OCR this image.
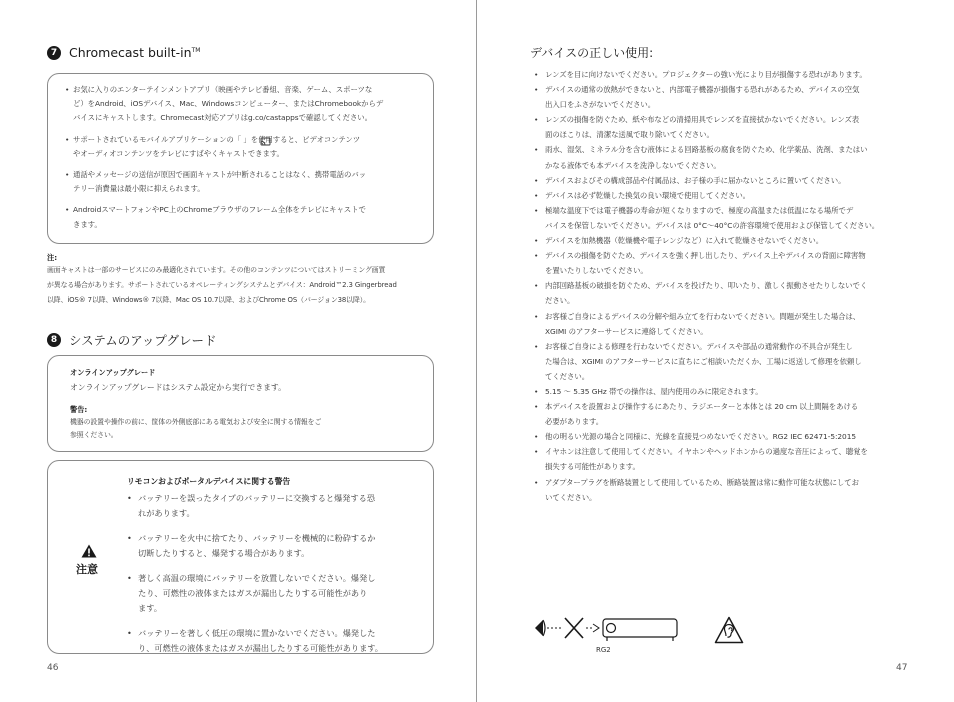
7 Chromecast built-in™
• お気に入りのエンターテインメントアプリ（映画やテレビ番組、音楽、ゲーム、スポーツな
ど）をAndroid、iOSデバイス、Mac、Windowsコンピューター、またはChromebookからデ
バイスにキャストします。Chromecast対応アプリはg.co/castappsで確認してください。
• サポートされているモバイルアプリケーションの「 」を使用すると、ビデオコンテンツ
やオーディオコンテンツをテレビにすばやくキャストできます。
• 通話やメッセージの送信が原因で画面キャストが中断されることはなく、携帯電話のバッ
テリー消費量は最小限に抑えられます。
• AndroidスマートフォンやPC上のChromeブラウザのフレーム全体をテレビにキャストで
きます。
注:
画面キャストは一部のサービスにのみ最適化されています。その他のコンテンツについてはストリーミング画質
が異なる場合があります。サポートされているオペレーティングシステムとデバイス：Android™2.3 Gingerbread
以降、iOS® 7以降、Windows® 7以降、Mac OS 10.7以降、およびChrome OS（バージョン38以降）。
8 システムのアップグレード
オンラインアップグレード
オンラインアップグレードはシステム設定から実行できます。
警告:
機器の設置や操作の前に、筐体の外側底部にある電気および安全に関する情報をご
参照ください。
注意
リモコンおよびポータルデバイスに関する警告
• バッテリーを誤ったタイプのバッテリーに交換すると爆発する恐
れがあります。
• バッテリーを火中に捨てたり、バッテリーを機械的に粉砕するか
切断したりすると、爆発する場合があります。
• 著しく高温の環境にバッテリーを放置しないでください。爆発し
たり、可燃性の液体またはガスが漏出したりする可能性があり
ます。
• バッテリーを著しく低圧の環境に置かないでください。爆発した
り、可燃性の液体またはガスが漏出したりする可能性があります。
46
デバイスの正しい使用:
• レンズを目に向けないでください。プロジェクターの強い光により目が損傷する恐れがあります。
• デバイスの通常の放熱ができないと、内部電子機器が損傷する恐れがあるため、デバイスの空気
出入口をふさがないでください。
• レンズの損傷を防ぐため、紙や布などの清掃用具でレンズを直接拭かないでください。レンズ表
面のほこりは、清潔な送風で取り除いてください。
• 雨水、湿気、ミネラル分を含む液体による回路基板の腐食を防ぐため、化学薬品、洗剤、またはい
かなる液体でも本デバイスを洗浄しないでください。
• デバイスおよびその構成部品や付属品は、お子様の手に届かないところに置いてください。
• デバイスは必ず乾燥した換気の良い環境で使用してください。
• 極端な温度下では電子機器の寿命が短くなりますので、極度の高温または低温になる場所でデ
バイスを保管しないでください。デバイスは 0°C〜40°Cの許容環境で使用および保管してください。
• デバイスを加熱機器（乾燥機や電子レンジなど）に入れて乾燥させないでください。
• デバイスの損傷を防ぐため、デバイスを強く押し出したり、デバイス上やデバイスの背面に障害物
を置いたりしないでください。
• 内部回路基板の破損を防ぐため、デバイスを投げたり、叩いたり、激しく振動させたりしないでく
ださい。
• お客様ご自身によるデバイスの分解や組み立てを行わないでください。問題が発生した場合は、
XGIMI のアフターサービスに連絡してください。
• お客様ご自身による修理を行わないでください。デバイスや部品の通常動作の不具合が発生し
た場合は、XGIMI のアフターサービスに直ちにご相談いただくか、工場に返送して修理を依頼し
てください。
• 5.15 〜 5.35 GHz 帯での操作は、屋内使用のみに限定されます。
• 本デバイスを設置および操作するにあたり、ラジエーターと本体とは 20 cm 以上間隔をあける
必要があります。
• 他の明るい光源の場合と同様に、光線を直接見つめないでください。RG2 IEC 62471-5:2015
• イヤホンは注意して使用してください。イヤホンやヘッドホンからの過度な音圧によって、聴覚を
損失する可能性があります。
• アダプタープラグを断路装置として使用しているため、断路装置は常に動作可能な状態にしてお
いてください。
RG2
47
